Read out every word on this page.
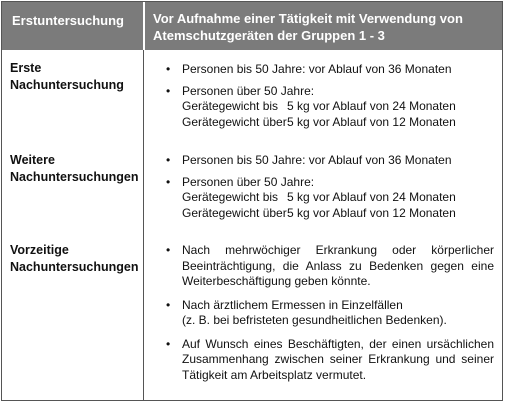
Erstuntersuchung	Vor Aufnahme einer Tätigkeit mit Verwendung von Atemschutzgeräten der Gruppen 1 - 3
Erste
Nachuntersuchung
• Personen bis 50 Jahre: vor Ablauf von 36 Monaten
• Personen über 50 Jahre:
Gerätegewicht bis 5 kg vor Ablauf von 24 Monaten
Gerätegewicht über5 kg vor Ablauf von 12 Monaten
Weitere
Nachuntersuchungen
• Personen bis 50 Jahre: vor Ablauf von 36 Monaten
• Personen über 50 Jahre:
Gerätegewicht bis 5 kg vor Ablauf von 24 Monaten
Gerätegewicht über5 kg vor Ablauf von 12 Monaten
Vorzeitige
Nachuntersuchungen
• Nach mehrwöchiger Erkrankung oder körperlicher Beeinträchtigung, die Anlass zu Bedenken gegen eine Weiterbeschäftigung geben könnte.
• Nach ärztlichem Ermessen in Einzelfällen
(z. B. bei befristeten gesundheitlichen Bedenken).
• Auf Wunsch eines Beschäftigten, der einen ursächlichen Zusammenhang zwischen seiner Erkrankung und seiner Tätigkeit am Arbeitsplatz vermutet.
